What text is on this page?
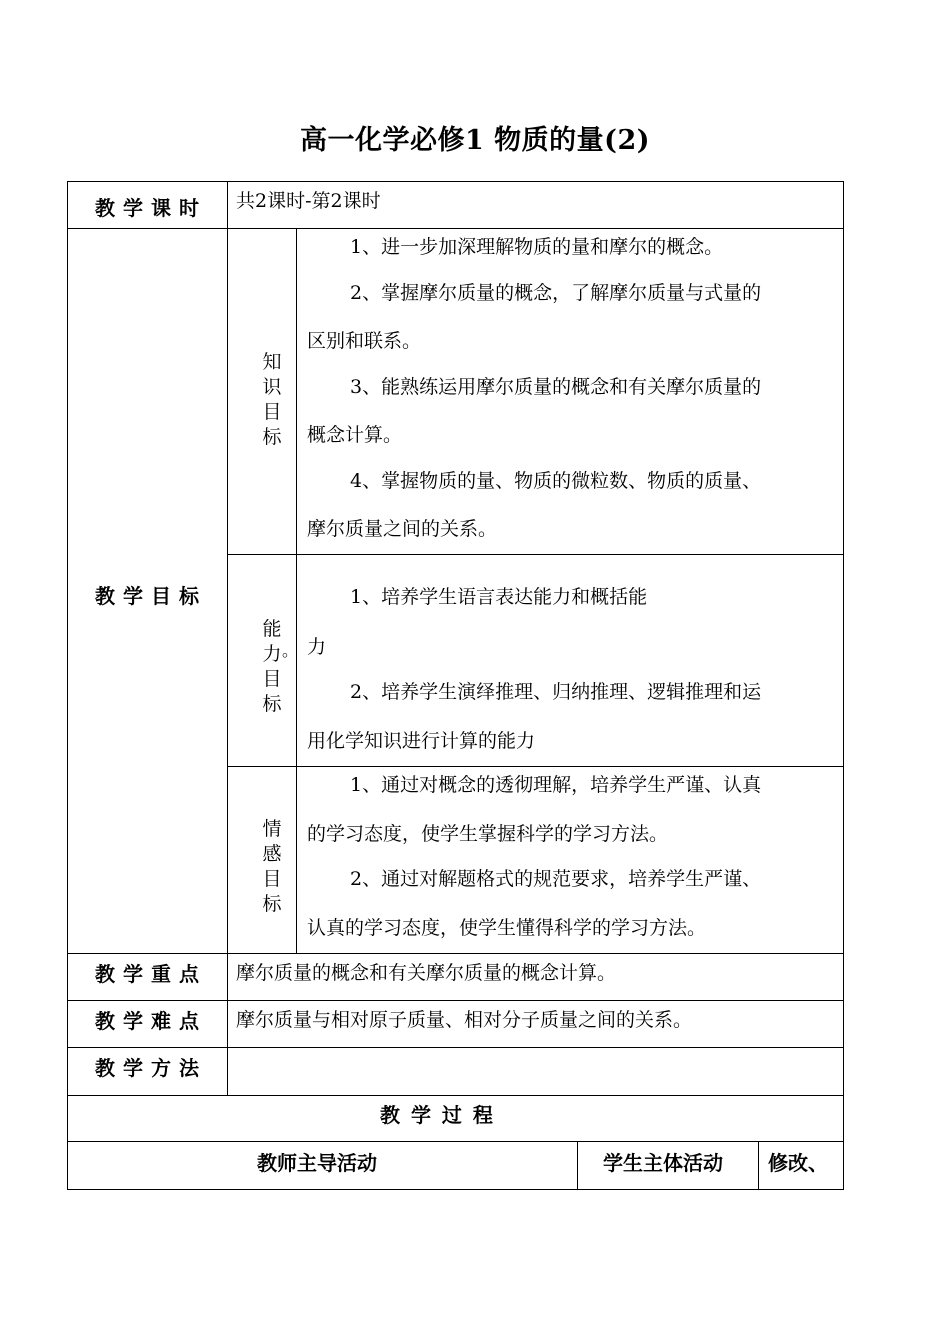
高一化学必修1 物质的量(2)
教学课时 共2课时-第2课时
教学目标
知识目标
1、进一步加深理解物质的量和摩尔的概念。
2、掌握摩尔质量的概念，了解摩尔质量与式量的
区别和联系。
3、能熟练运用摩尔质量的概念和有关摩尔质量的
概念计算。
4、掌握物质的量、物质的微粒数、物质的质量、
摩尔质量之间的关系。
能力目标
。
1、培养学生语言表达能力和概括能
力
2、培养学生演绎推理、归纳推理、逻辑推理和运
用化学知识进行计算的能力
情感目标
1、通过对概念的透彻理解，培养学生严谨、认真
的学习态度，使学生掌握科学的学习方法。
2、通过对解题格式的规范要求，培养学生严谨、
认真的学习态度，使学生懂得科学的学习方法。
教学重点 摩尔质量的概念和有关摩尔质量的概念计算。
教学难点 摩尔质量与相对原子质量、相对分子质量之间的关系。
教学方法
教 学 过 程
教师主导活动	学生主体活动 修改、
